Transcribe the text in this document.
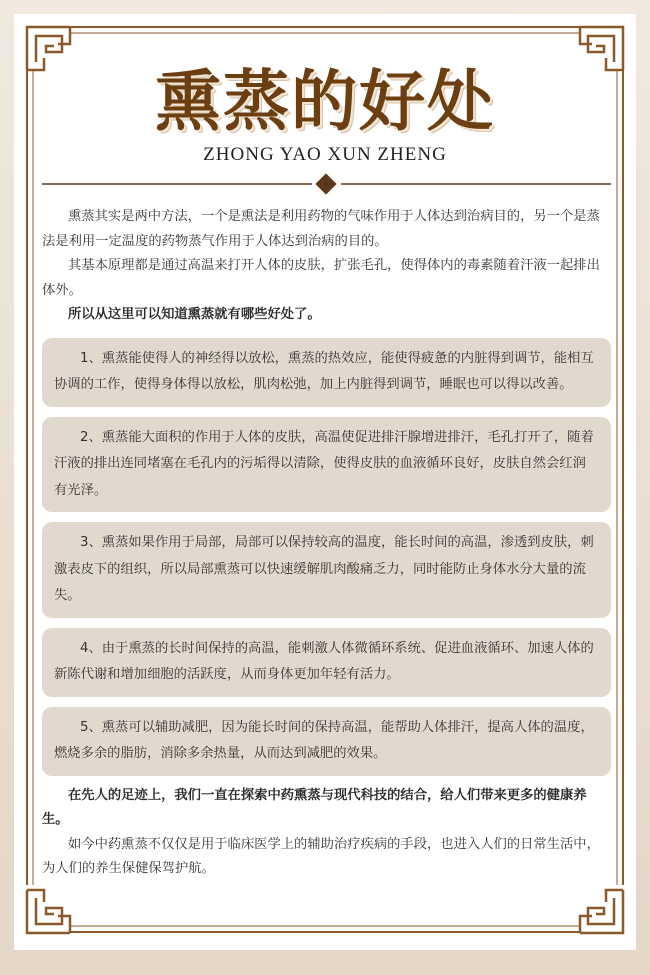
熏蒸的好处
ZHONG YAO XUN ZHENG

熏蒸其实是两中方法，一个是熏法是利用药物的气味作用于人体达到治病目的，另一个是蒸法是利用一定温度的药物蒸气作用于人体达到治病的目的。

其基本原理都是通过高温来打开人体的皮肤，扩张毛孔，使得体内的毒素随着汗液一起排出体外。

所以从这里可以知道熏蒸就有哪些好处了。

1、熏蒸能使得人的神经得以放松，熏蒸的热效应，能使得疲惫的内脏得到调节，能相互协调的工作，使得身体得以放松，肌肉松弛，加上内脏得到调节，睡眠也可以得以改善。

2、熏蒸能大面积的作用于人体的皮肤，高温使促进排汗腺增进排汗，毛孔打开了，随着汗液的排出连同堵塞在毛孔内的污垢得以清除，使得皮肤的血液循环良好，皮肤自然会红润有光泽。

3、熏蒸如果作用于局部，局部可以保持较高的温度，能长时间的高温，渗透到皮肤，刺激表皮下的组织，所以局部熏蒸可以快速缓解肌肉酸痛乏力，同时能防止身体水分大量的流失。

4、由于熏蒸的长时间保持的高温，能刺激人体微循环系统、促进血液循环、加速人体的新陈代谢和增加细胞的活跃度，从而身体更加年轻有活力。

5、熏蒸可以辅助减肥，因为能长时间的保持高温，能帮助人体排汗，提高人体的温度，燃烧多余的脂肪，消除多余热量，从而达到减肥的效果。

在先人的足迹上，我们一直在探索中药熏蒸与现代科技的结合，给人们带来更多的健康养生。

如今中药熏蒸不仅仅是用于临床医学上的辅助治疗疾病的手段，也进入人们的日常生活中，为人们的养生保健保驾护航。
